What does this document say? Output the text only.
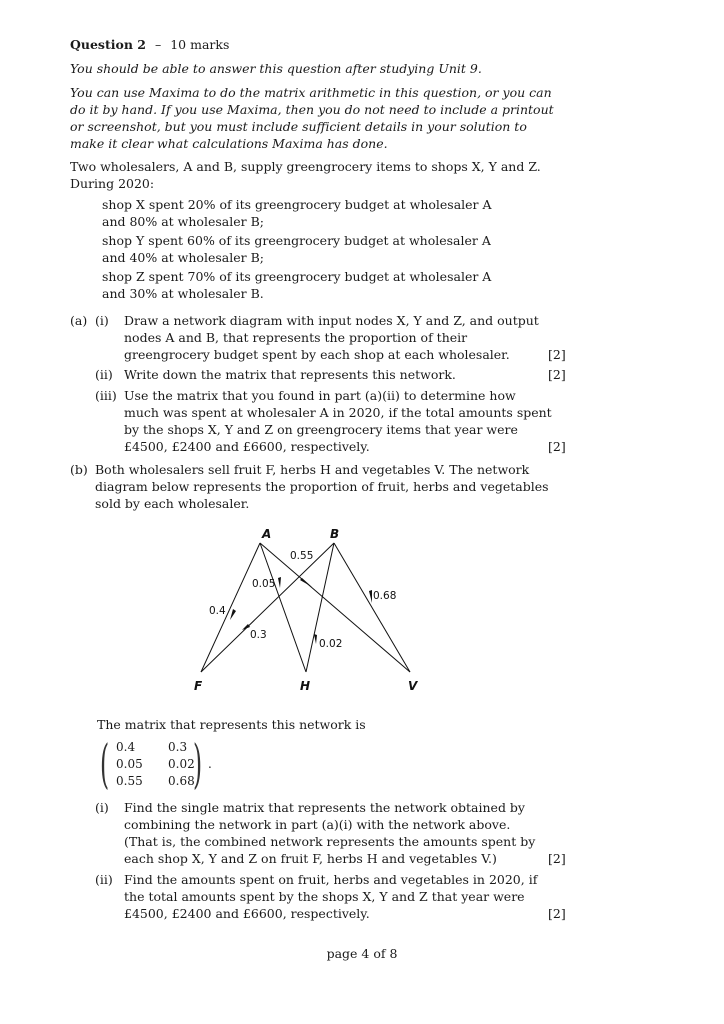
Question 2 – 10 marks
You should be able to answer this question after studying Unit 9.
You can use Maxima to do the matrix arithmetic in this question, or you can
do it by hand. If you use Maxima, then you do not need to include a printout
or screenshot, but you must include sufficient details in your solution to
make it clear what calculations Maxima has done.
Two wholesalers, A and B, supply greengrocery items to shops X, Y and Z.
During 2020:
shop X spent 20% of its greengrocery budget at wholesaler A
and 80% at wholesaler B;
shop Y spent 60% of its greengrocery budget at wholesaler A
and 40% at wholesaler B;
shop Z spent 70% of its greengrocery budget at wholesaler A
and 30% at wholesaler B.
(a) (i) Draw a network diagram with input nodes X, Y and Z, and output
nodes A and B, that represents the proportion of their
greengrocery budget spent by each shop at each wholesaler.	[2]
(ii) Write down the matrix that represents this network.	[2]
(iii) Use the matrix that you found in part (a)(ii) to determine how
much was spent at wholesaler A in 2020, if the total amounts spent
by the shops X, Y and Z on greengrocery items that year were
£4500, £2400 and £6600, respectively.	[2]
(b) Both wholesalers sell fruit F, herbs H and vegetables V. The network
diagram below represents the proportion of fruit, herbs and vegetables
sold by each wholesaler.
A	B
F	H	V
0.4
0.05
0.55
0.3
0.02
0.68
The matrix that represents this network is
( 0.4	0.3
0.05 0.02
0.55 0.68
) .
(i) Find the single matrix that represents the network obtained by
combining the network in part (a)(i) with the network above.
(That is, the combined network represents the amounts spent by
each shop X, Y and Z on fruit F, herbs H and vegetables V.)	[2]
(ii) Find the amounts spent on fruit, herbs and vegetables in 2020, if
the total amounts spent by the shops X, Y and Z that year were
£4500, £2400 and £6600, respectively.	[2]
page 4 of 8
